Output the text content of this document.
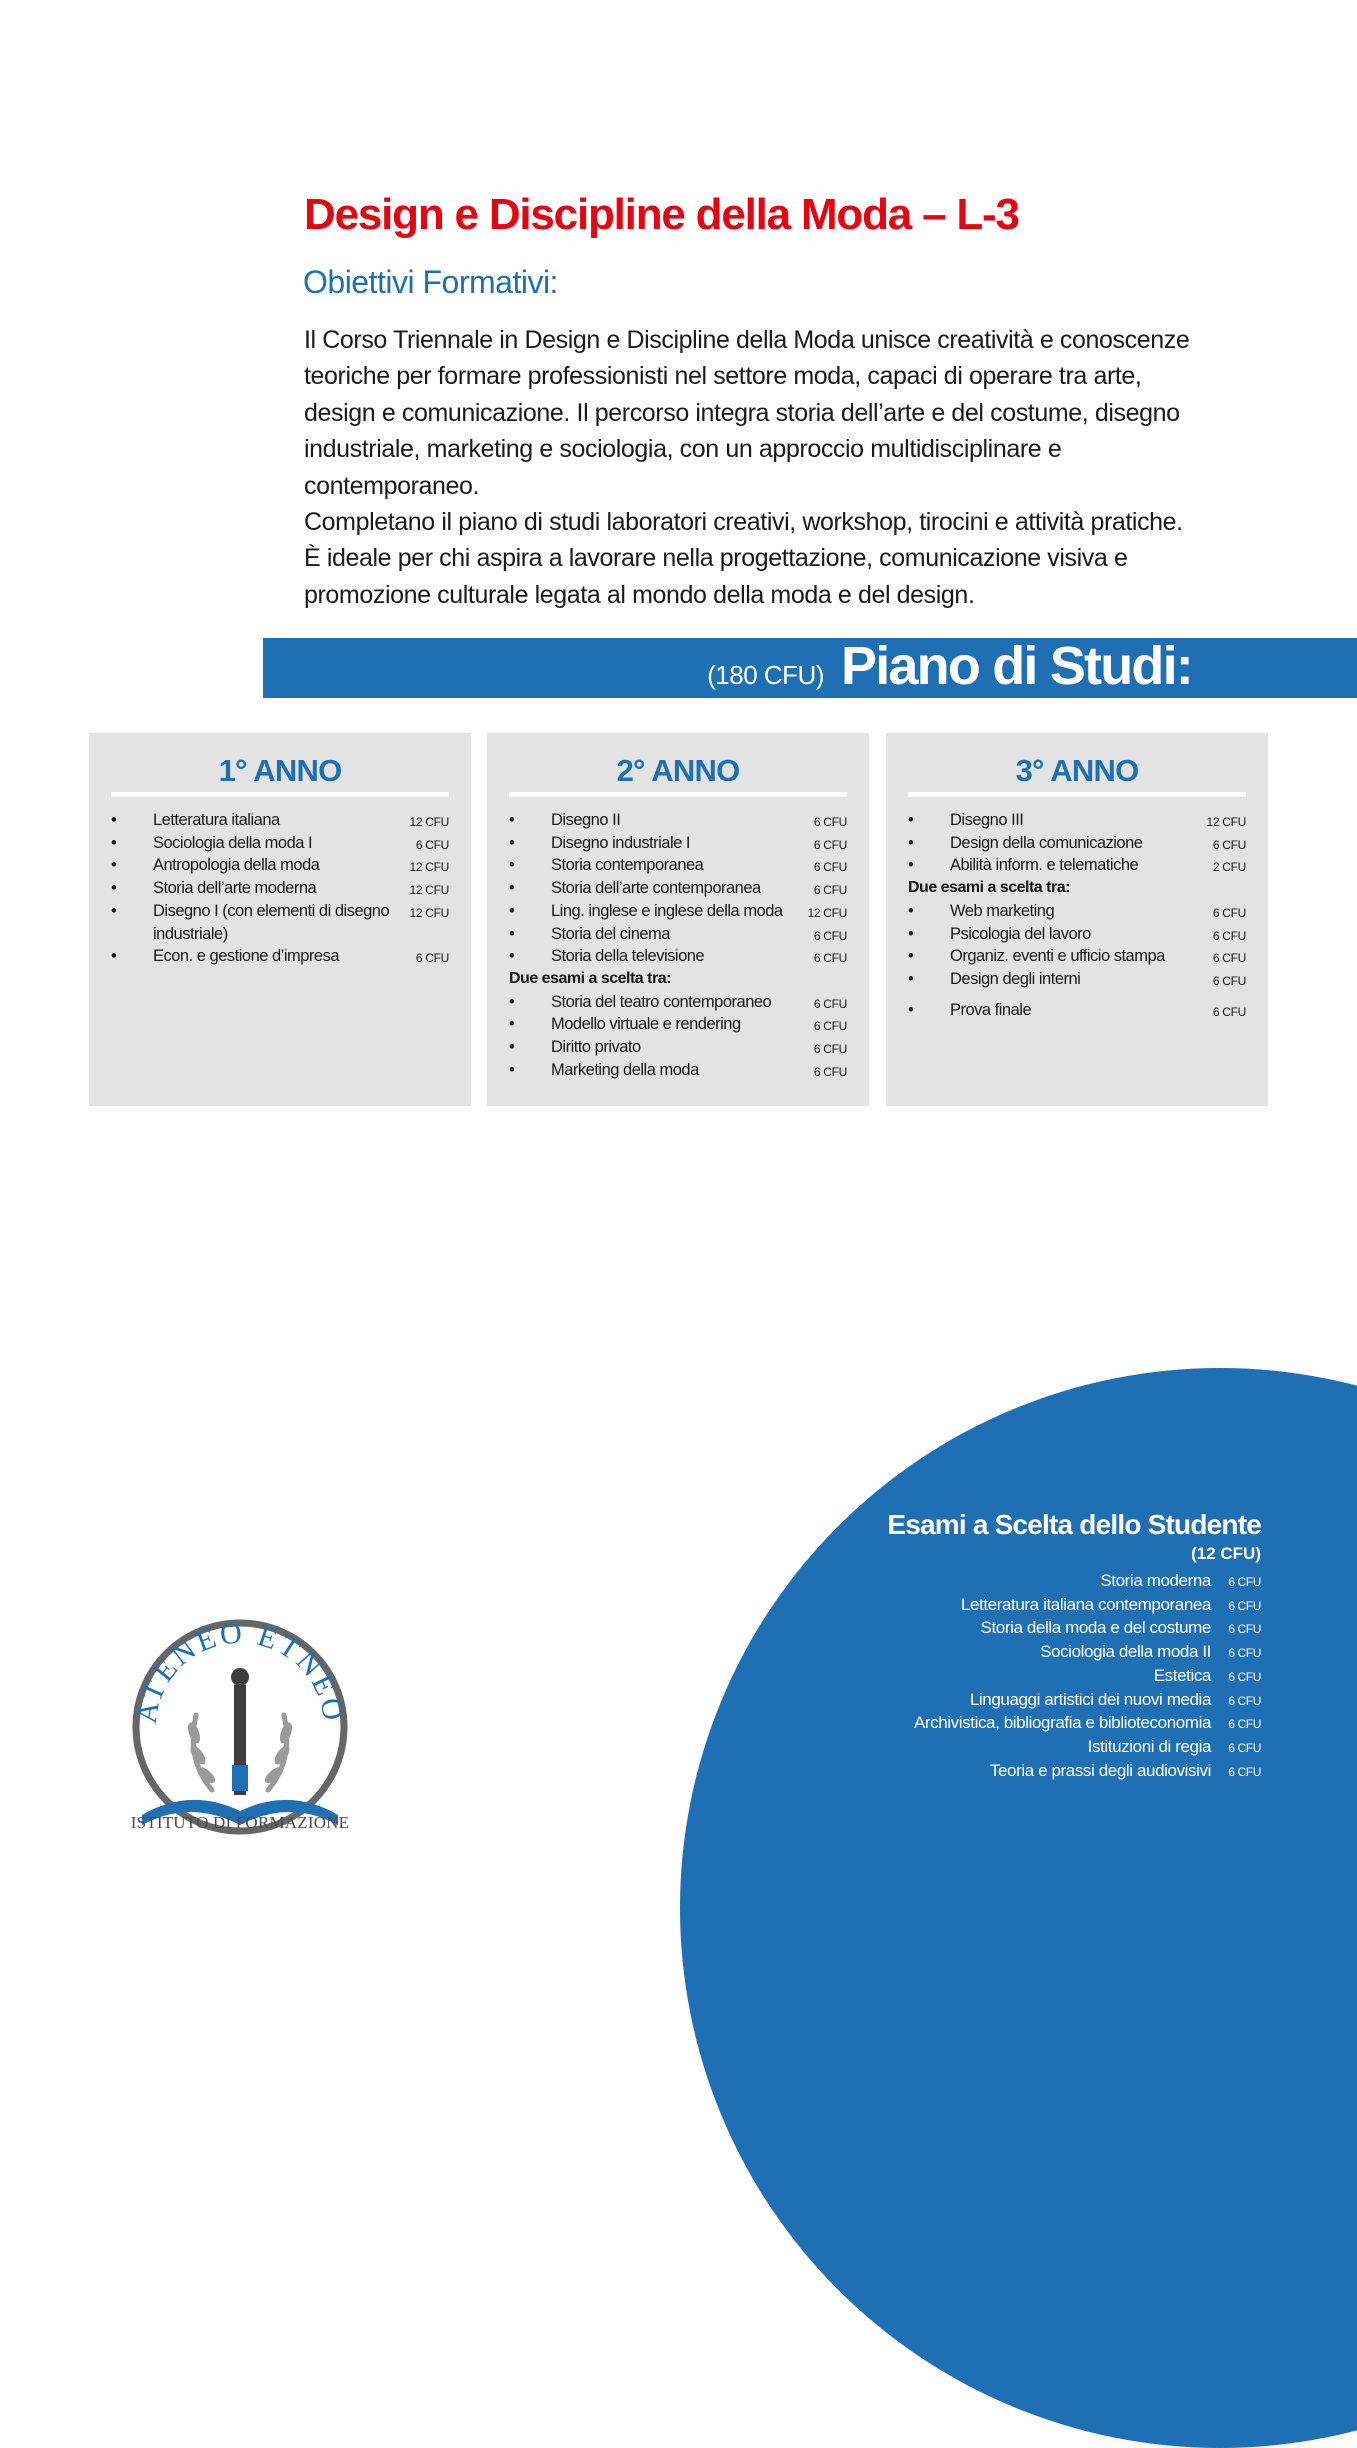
Design e Discipline della Moda – L-3
Obiettivi Formativi:

Il Corso Triennale in Design e Discipline della Moda unisce creatività e conoscenze teoriche per formare professionisti nel settore moda, capaci di operare tra arte, design e comunicazione. Il percorso integra storia dell’arte e del costume, disegno industriale, marketing e sociologia, con un approccio multidisciplinare e contemporaneo.

Completano il piano di studi laboratori creativi, workshop, tirocini e attività pratiche. È ideale per chi aspira a lavorare nella progettazione, comunicazione visiva e promozione culturale legata al mondo della moda e del design.

(180 CFU) Piano di Studi:
1° ANNO
• Letteratura italiana	12 CFU
• Sociologia della moda I	6 CFU
• Antropologia della moda	12 CFU
• Storia dell’arte moderna	12 CFU
• Disegno I (con elementi di disegno industriale)
12 CFU
• Econ. e gestione d’impresa	6 CFU
2° ANNO
• Disegno II	6 CFU
• Disegno industriale I	6 CFU
• Storia contemporanea	6 CFU
• Storia dell’arte contemporanea	6 CFU
• Ling. inglese e inglese della moda 12 CFU
• Storia del cinema	6 CFU
• Storia della televisione	6 CFU
Due esami a scelta tra:
• Storia del teatro contemporaneo	6 CFU
• Modello virtuale e rendering	6 CFU
• Diritto privato	6 CFU
• Marketing della moda	6 CFU
3° ANNO
• Disegno III	12 CFU
• Design della comunicazione	6 CFU
• Abilità inform. e telematiche	2 CFU
Due esami a scelta tra:
• Web marketing	6 CFU
• Psicologia del lavoro	6 CFU
• Organiz. eventi e ufficio stampa	6 CFU
• Design degli interni	6 CFU
• Prova finale	6 CFU
Esami a Scelta dello Studente
(12 CFU)
Storia moderna 6 CFU
Letteratura italiana contemporanea 6 CFU
Storia della moda e del costume 6 CFU
Sociologia della moda II 6 CFU
Estetica 6 CFU
Linguaggi artistici dei nuovi media 6 CFU
Archivistica, bibliografia e biblioteconomia 6 CFU
Istituzioni di regia 6 CFU
Teoria e prassi degli audiovisivi 6 CFU
ATENEO ETNEO
ISTITUTO DI FORMAZIONE
